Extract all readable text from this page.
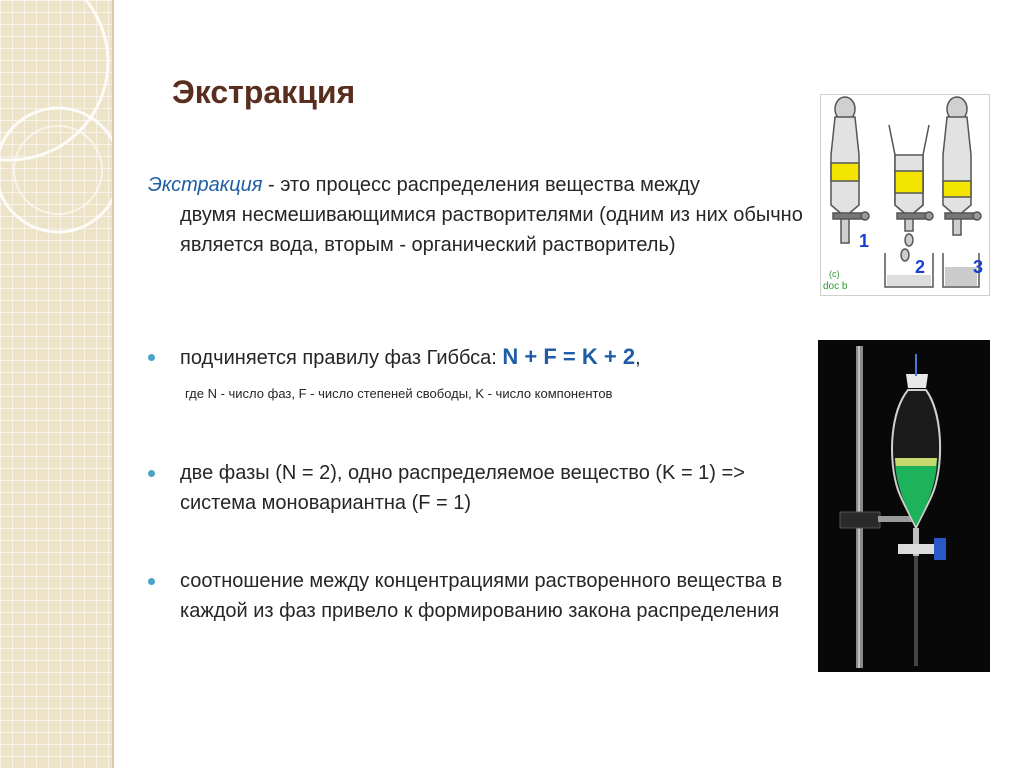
Экстракция
Экстракция - это процесс распределения вещества между
двумя несмешивающимися растворителями (одним из них обычно является вода, вторым - органический растворитель)
подчиняется правилу фаз Гиббса: N + F = K + 2,
где N - число фаз, F - число степеней свободы, K - число компонентов
две фазы (N = 2), одно распределяемое вещество (K = 1) => система моновариантна (F = 1)
соотношение между концентрациями растворенного вещества в каждой из фаз привело к формированию закона распределения
1
2	3
(c)
doc b
